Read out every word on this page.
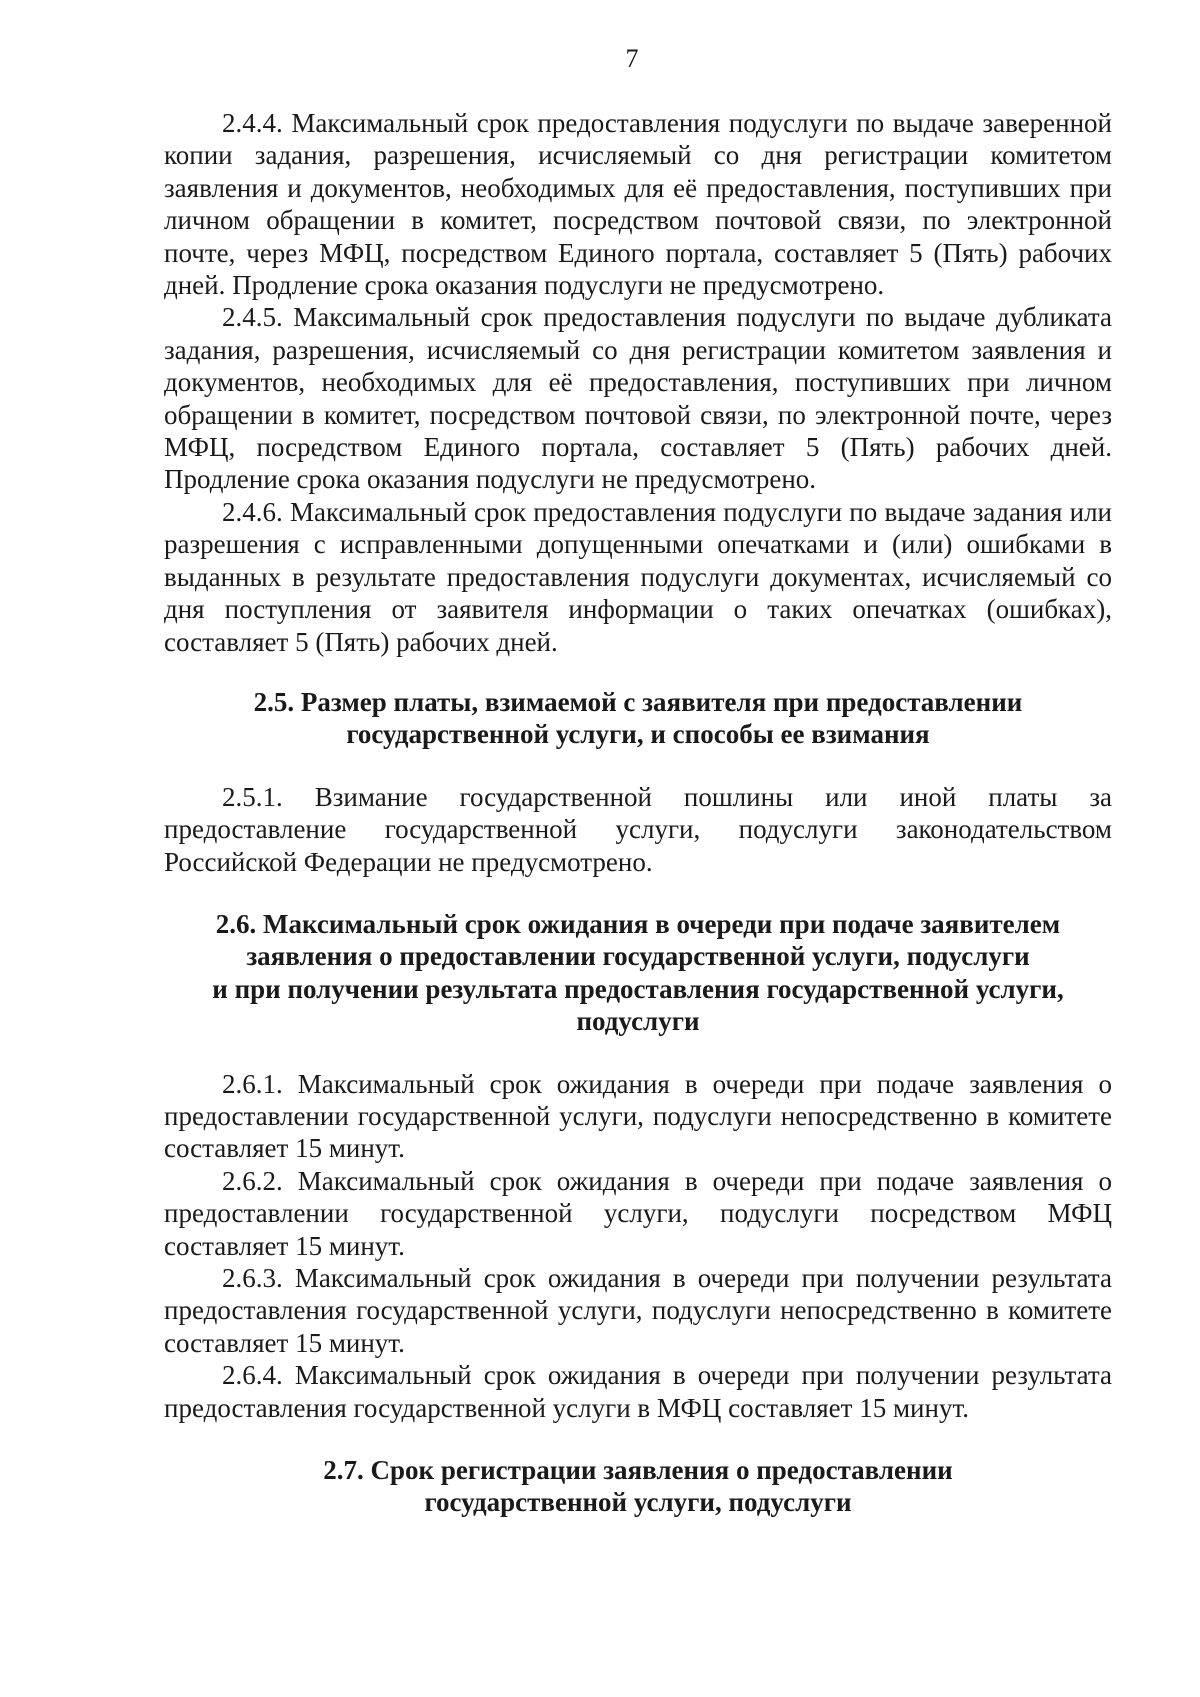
7

2.4.4. Максимальный срок предоставления подуслуги по выдаче заверенной копии задания, разрешения, исчисляемый со дня регистрации комитетом заявления и документов, необходимых для её предоставления, поступивших при личном обращении в комитет, посредством почтовой связи, по электронной почте, через МФЦ, посредством Единого портала, составляет 5 (Пять) рабочих дней. Продление срока оказания подуслуги не предусмотрено.

2.4.5. Максимальный срок предоставления подуслуги по выдаче дубликата задания, разрешения, исчисляемый со дня регистрации комитетом заявления и документов, необходимых для её предоставления, поступивших при личном обращении в комитет, посредством почтовой связи, по электронной почте, через МФЦ, посредством Единого портала, составляет 5 (Пять) рабочих дней. Продление срока оказания подуслуги не предусмотрено.

2.4.6. Максимальный срок предоставления подуслуги по выдаче задания или разрешения с исправленными допущенными опечатками и (или) ошибками в выданных в результате предоставления подуслуги документах, исчисляемый со дня поступления от заявителя информации о таких опечатках (ошибках), составляет 5 (Пять) рабочих дней.

2.5. Размер платы, взимаемой с заявителя при предоставлении
государственной услуги, и способы ее взимания

2.5.1. Взимание государственной пошлины или иной платы за предоставление государственной услуги, подуслуги законодательством Российской Федерации не предусмотрено.

2.6. Максимальный срок ожидания в очереди при подаче заявителем
заявления о предоставлении государственной услуги, подуслуги
и при получении результата предоставления государственной услуги,
подуслуги

2.6.1. Максимальный срок ожидания в очереди при подаче заявления о предоставлении государственной услуги, подуслуги непосредственно в комитете составляет 15 минут.

2.6.2. Максимальный срок ожидания в очереди при подаче заявления о предоставлении государственной услуги, подуслуги посредством МФЦ составляет 15 минут.

2.6.3. Максимальный срок ожидания в очереди при получении результата предоставления государственной услуги, подуслуги непосредственно в комитете составляет 15 минут.

2.6.4. Максимальный срок ожидания в очереди при получении результата предоставления государственной услуги в МФЦ составляет 15 минут.

2.7. Срок регистрации заявления о предоставлении
государственной услуги, подуслуги
